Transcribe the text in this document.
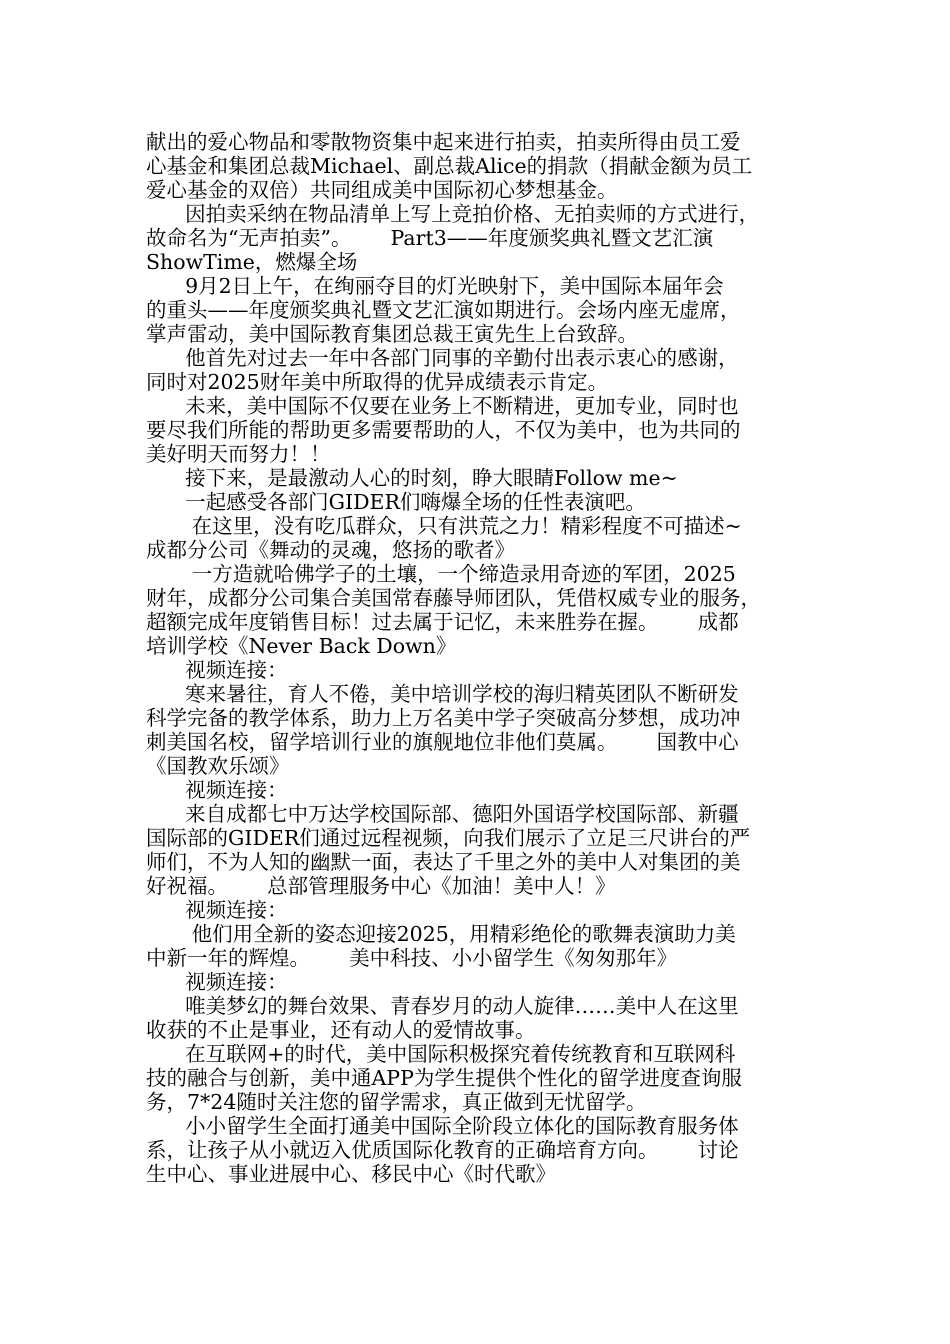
献出的爱心物品和零散物资集中起来进行拍卖，拍卖所得由员工爱
心基金和集团总裁Michael、副总裁Alice的捐款（捐献金额为员工
爱心基金的双倍）共同组成美中国际初心梦想基金。
因拍卖采纳在物品清单上写上竞拍价格、无拍卖师的方式进行，
故命名为“无声拍卖”。      Part3——年度颁奖典礼暨文艺汇演
ShowTime，燃爆全场
9月2日上午，在绚丽夺目的灯光映射下，美中国际本届年会
的重头——年度颁奖典礼暨文艺汇演如期进行。会场内座无虚席，
掌声雷动，美中国际教育集团总裁王寅先生上台致辞。
他首先对过去一年中各部门同事的辛勤付出表示衷心的感谢，
同时对2025财年美中所取得的优异成绩表示肯定。
未来，美中国际不仅要在业务上不断精进，更加专业，同时也
要尽我们所能的帮助更多需要帮助的人，不仅为美中，也为共同的
美好明天而努力！！
接下来，是最激动人心的时刻，睁大眼睛Follow me~
一起感受各部门GIDER们嗨爆全场的任性表演吧。
在这里，没有吃瓜群众，只有洪荒之力！精彩程度不可描述~
成都分公司《舞动的灵魂，悠扬的歌者》
一方造就哈佛学子的土壤，一个缔造录用奇迹的军团，2025
财年，成都分公司集合美国常春藤导师团队，凭借权威专业的服务，
超额完成年度销售目标！过去属于记忆，未来胜券在握。      成都
培训学校《Never Back Down》
视频连接：
寒来暑往，育人不倦，美中培训学校的海归精英团队不断研发
科学完备的教学体系，助力上万名美中学子突破高分梦想，成功冲
刺美国名校，留学培训行业的旗舰地位非他们莫属。      国教中心
《国教欢乐颂》
视频连接：
来自成都七中万达学校国际部、德阳外国语学校国际部、新疆
国际部的GIDER们通过远程视频，向我们展示了立足三尺讲台的严
师们，不为人知的幽默一面，表达了千里之外的美中人对集团的美
好祝福。      总部管理服务中心《加油！美中人！》
视频连接：
他们用全新的姿态迎接2025，用精彩绝伦的歌舞表演助力美
中新一年的辉煌。      美中科技、小小留学生《匆匆那年》
视频连接：
唯美梦幻的舞台效果、青春岁月的动人旋律……美中人在这里
收获的不止是事业，还有动人的爱情故事。
在互联网+的时代，美中国际积极探究着传统教育和互联网科
技的融合与创新，美中通APP为学生提供个性化的留学进度查询服
务，7*24随时关注您的留学需求，真正做到无忧留学。
小小留学生全面打通美中国际全阶段立体化的国际教育服务体
系，让孩子从小就迈入优质国际化教育的正确培育方向。      讨论
生中心、事业进展中心、移民中心《时代歌》
